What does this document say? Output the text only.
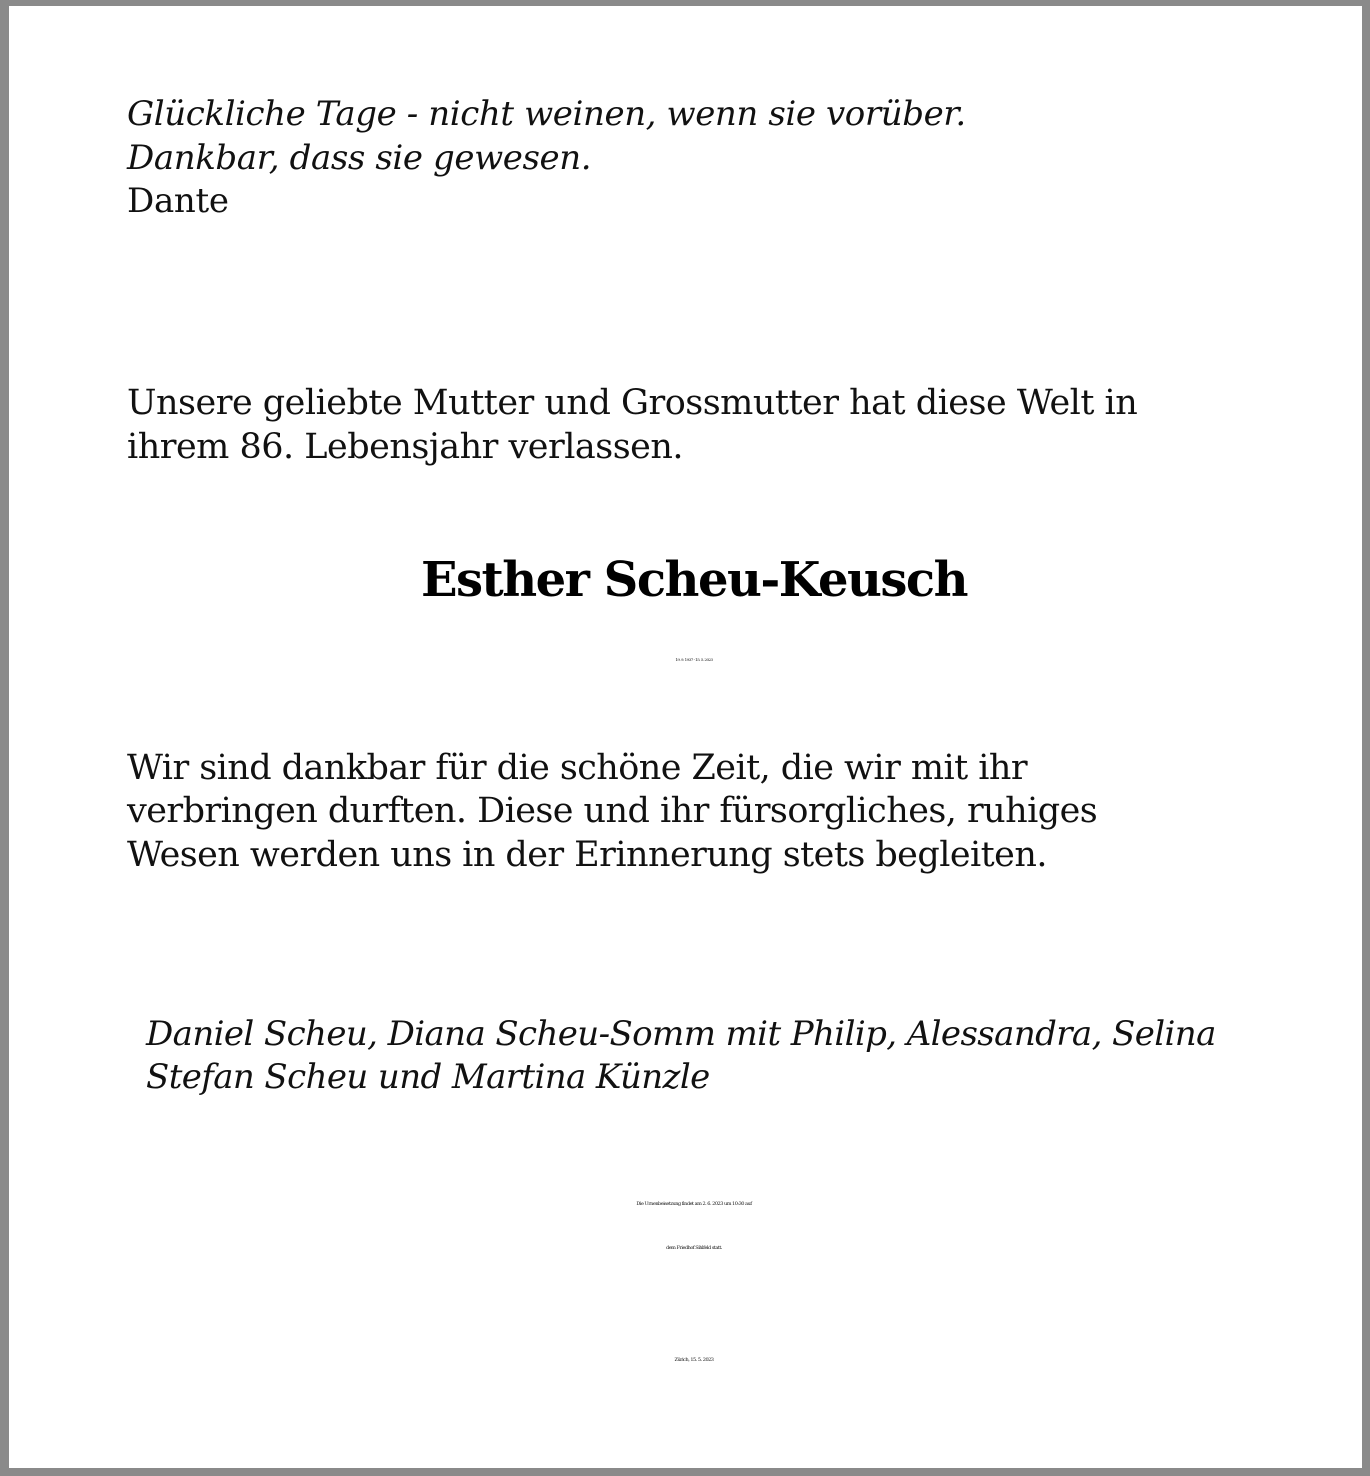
Glückliche Tage - nicht weinen, wenn sie vorüber.

Dankbar, dass sie gewesen.

Dante

Unsere geliebte Mutter und Grossmutter hat diese Welt in

ihrem 86. Lebensjahr verlassen.

Esther Scheu-Keusch

19. 9. 1937 - 15. 5. 2023

Wir sind dankbar für die schöne Zeit, die wir mit ihr

verbringen durften. Diese und ihr fürsorgliches, ruhiges

Wesen werden uns in der Erinnerung stets begleiten.

Daniel Scheu, Diana Scheu-Somm mit Philip, Alessandra, Selina

Stefan Scheu und Martina Künzle

Die Urnenbeisetzung findet am 2. 6. 2023 um 10:30 auf

dem Friedhof Sihlfeld statt.

Zürich, 15. 5. 2023
